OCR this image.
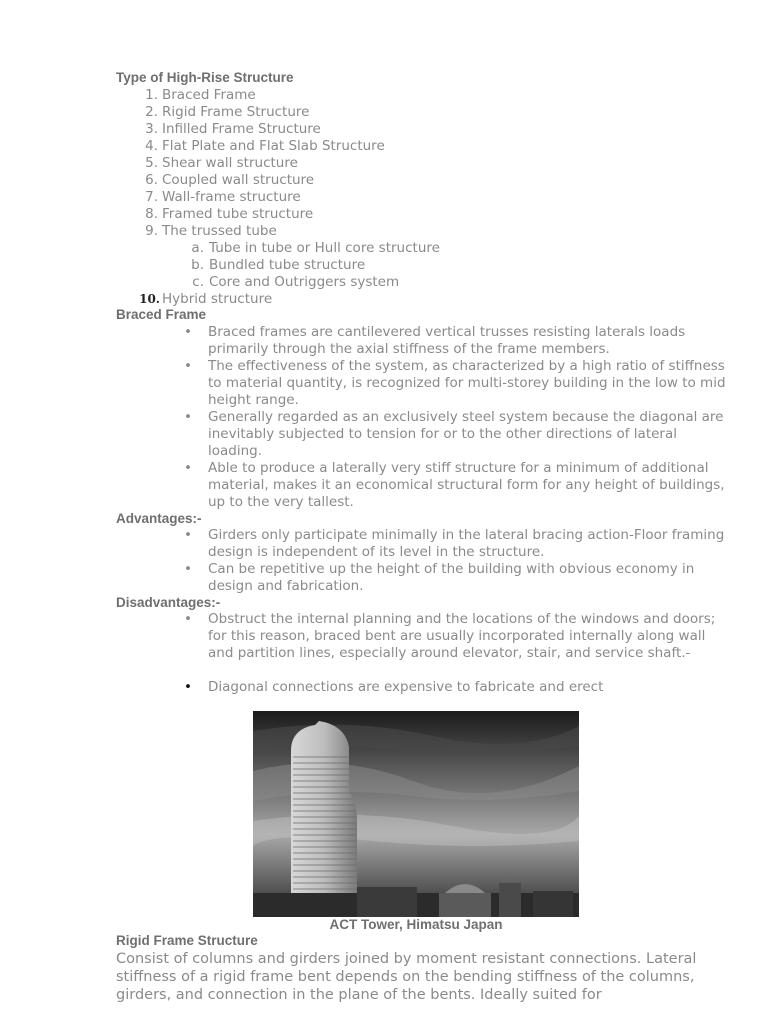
Type of High-Rise Structure
1. Braced Frame
2. Rigid Frame Structure
3. Infilled Frame Structure
4. Flat Plate and Flat Slab Structure
5. Shear wall structure
6. Coupled wall structure
7. Wall-frame structure
8. Framed tube structure
9. The trussed tube
a. Tube in tube or Hull core structure
b. Bundled tube structure
c. Core and Outriggers system
10. Hybrid structure
Braced Frame
• Braced frames are cantilevered vertical trusses resisting laterals loads primarily through the axial stiffness of the frame members.
• The effectiveness of the system, as characterized by a high ratio of stiffness to material quantity, is recognized for multi-storey building in the low to mid height range.
• Generally regarded as an exclusively steel system because the diagonal are inevitably subjected to tension for or to the other directions of lateral loading.
• Able to produce a laterally very stiff structure for a minimum of additional material, makes it an economical structural form for any height of buildings, up to the very tallest.
Advantages:-
• Girders only participate minimally in the lateral bracing action-Floor framing design is independent of its level in the structure.
• Can be repetitive up the height of the building with obvious economy in design and fabrication.
Disadvantages:-
• Obstruct the internal planning and the locations of the windows and doors; for this reason, braced bent are usually incorporated internally along wall and partition lines, especially around elevator, stair, and service shaft.-
• Diagonal connections are expensive to fabricate and erect
ACT Tower, Himatsu Japan
Rigid Frame Structure
Consist of columns and girders joined by moment resistant connections. Lateral stiffness of a rigid frame bent depends on the bending stiffness of the columns, girders, and connection in the plane of the bents. Ideally suited for
